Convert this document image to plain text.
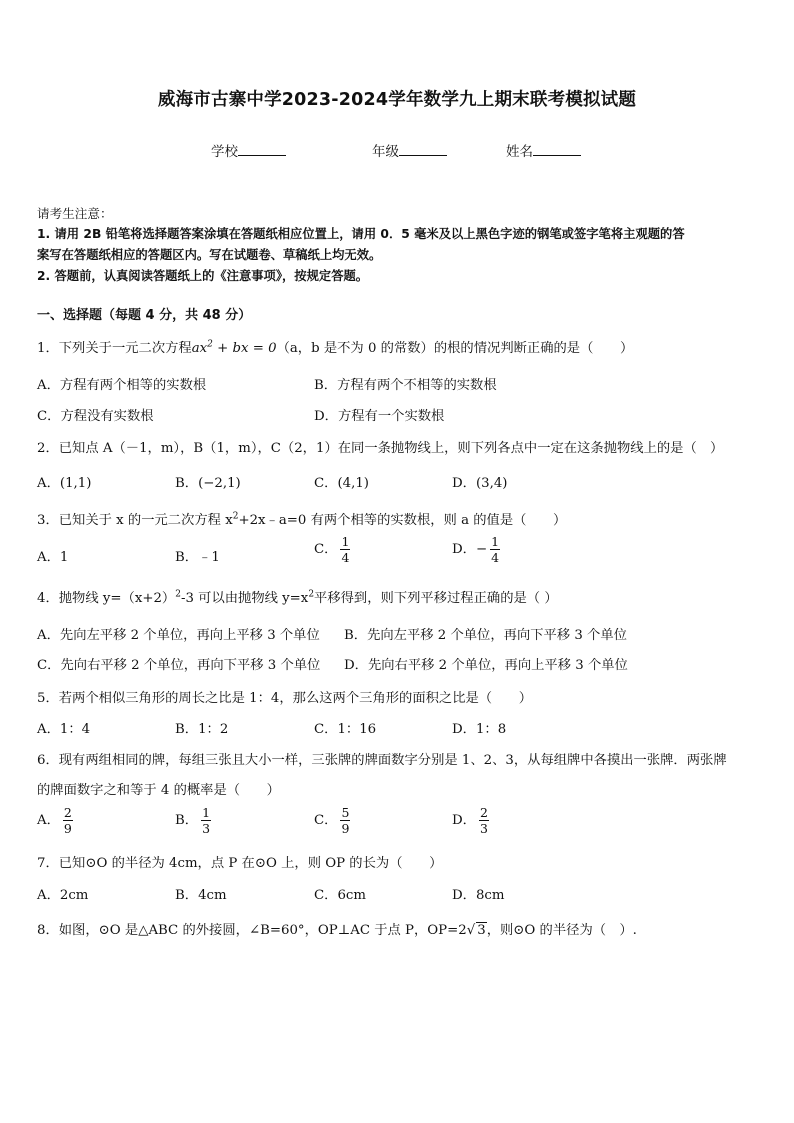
威海市古寨中学2023-2024学年数学九上期末联考模拟试题
学校	年级	姓名
请考生注意：
1. 请用 2B 铅笔将选择题答案涂填在答题纸相应位置上，请用 0．5 毫米及以上黑色字迹的钢笔或签字笔将主观题的答
案写在答题纸相应的答题区内。写在试题卷、草稿纸上均无效。
2. 答题前，认真阅读答题纸上的《注意事项》，按规定答题。
一、选择题（每题 4 分，共 48 分）
1．下列关于一元二次方程$ax^2$ + bx = 0（a，b 是不为 0 的常数）的根的情况判断正确的是（　　）
A．方程有两个相等的实数根	B．方程有两个不相等的实数根
C．方程没有实数根	D．方程有一个实数根
2．已知点 A（－1，m），B（1，m），C（2，1）在同一条抛物线上，则下列各点中一定在这条抛物线上的是（　）
A．(1,1)	B．(−2,1)	C．(4,1)	D．(3,4)
3．已知关于 x 的一元二次方程 $x^2+2x﹣a=0$ 有两个相等的实数根，则 a 的值是（　　）
A．1	B．﹣1
C． $\frac{1}{4}$	D．− $\frac{1}{4}$
4．抛物线 $y=(x+2)^2-3$ 可以由抛物线 $y=x^2$平移得到，则下列平移过程正确的是（ ）
A．先向左平移 2 个单位，再向上平移 3 个单位 B．先向左平移 2 个单位，再向下平移 3 个单位
C．先向右平移 2 个单位，再向下平移 3 个单位 D．先向右平移 2 个单位，再向上平移 3 个单位
5．若两个相似三角形的周长之比是 1：4，那么这两个三角形的面积之比是（　　）
A．1：4	B．1：2	C．1：16	D．1：8
6．现有两组相同的牌，每组三张且大小一样，三张牌的牌面数字分别是 1、2、3，从每组牌中各摸出一张牌．两张牌
的牌面数字之和等于 4 的概率是（　　）
A． $\frac{2}{9}$	B． $\frac{1}{3}$	C． $\frac{5}{9}$	D． $\frac{2}{3}$
7．已知⊙O 的半径为 4cm，点 P 在⊙O 上，则 OP 的长为（　　）
A．2cm	B．4cm	C．6cm	D．8cm
8．如图，⊙O 是△ABC 的外接圆，∠B=60°，OP⊥AC 于点 P，OP=2√ 3，则⊙O 的半径为（　）.
